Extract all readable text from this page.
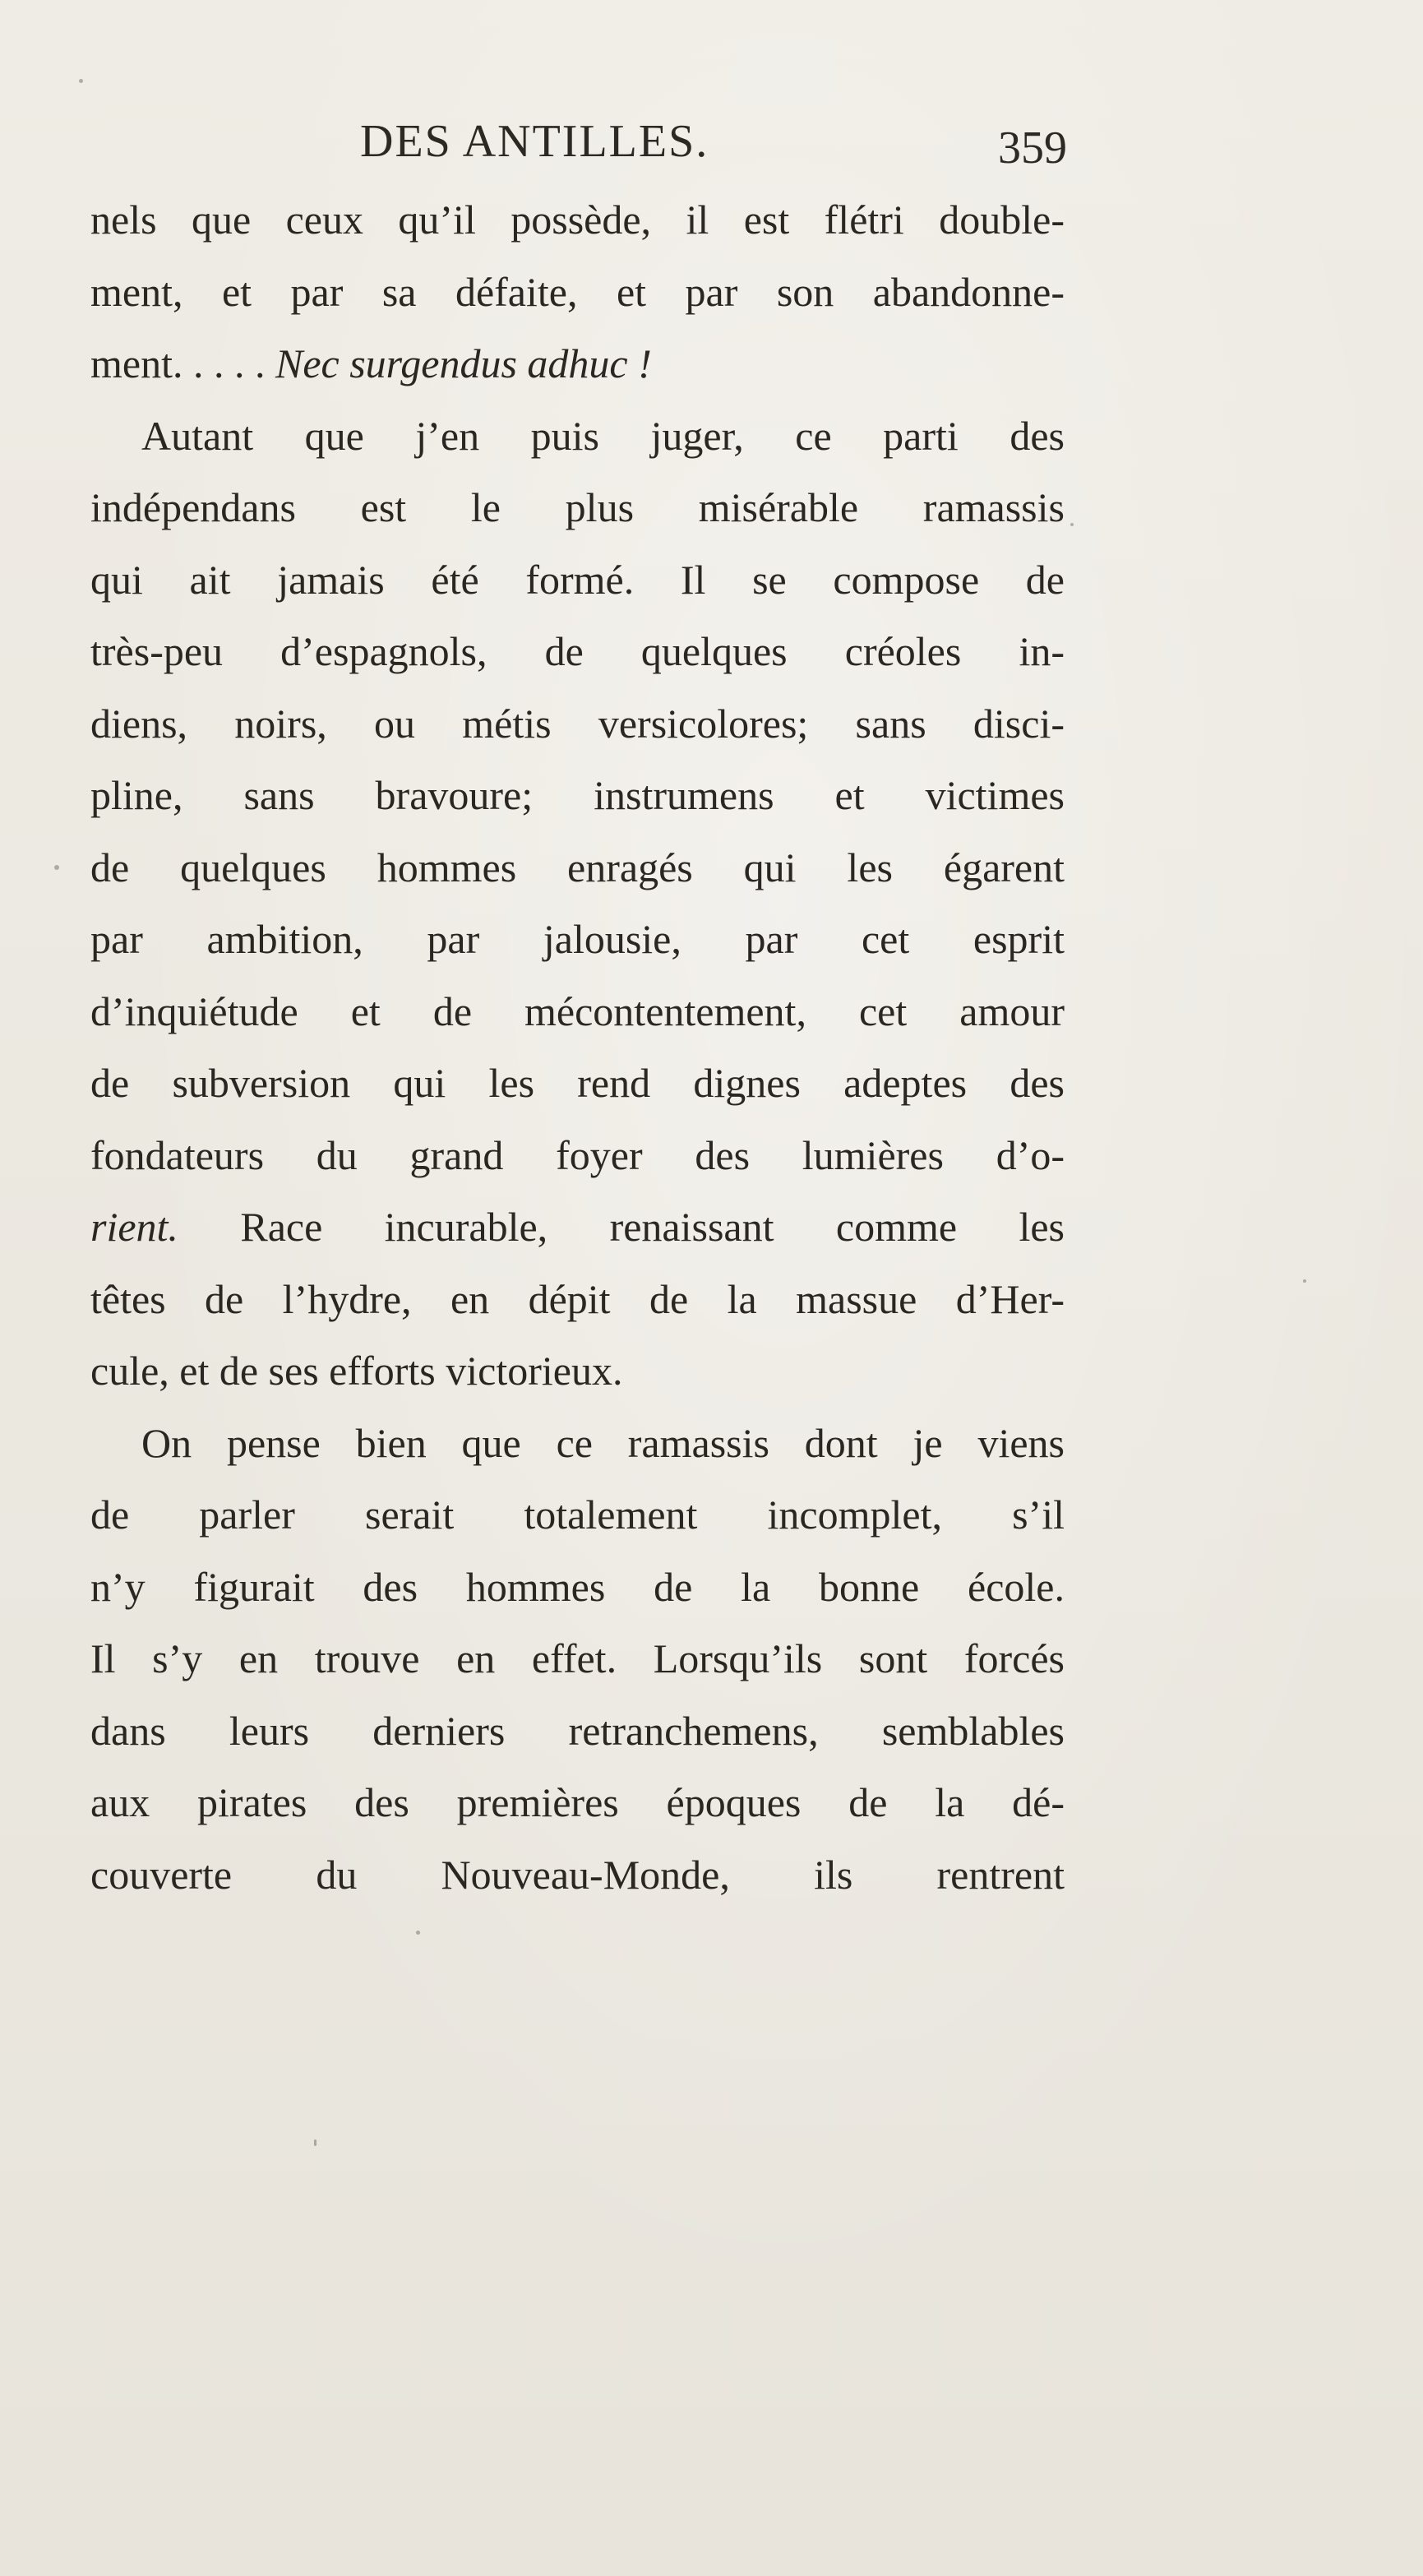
DES ANTILLES.	359
nels que ceux qu’il possède, il est flétri double-
ment, et par sa défaite, et par son abandonne-
ment. . . . . Nec surgendus adhuc !
Autant que j’en puis juger, ce parti des
indépendans est le plus misérable ramassis
qui ait jamais été formé. Il se compose de
très-peu d’espagnols, de quelques créoles in-
diens, noirs, ou métis versicolores; sans disci-
pline, sans bravoure; instrumens et victimes
de quelques hommes enragés qui les égarent
par ambition, par jalousie, par cet esprit
d’inquiétude et de mécontentement, cet amour
de subversion qui les rend dignes adeptes des
fondateurs du grand foyer des lumières d’o-
rient. Race incurable, renaissant comme les
têtes de l’hydre, en dépit de la massue d’Her-
cule, et de ses efforts victorieux.
On pense bien que ce ramassis dont je viens
de parler serait totalement incomplet, s’il
n’y figurait des hommes de la bonne école.
Il s’y en trouve en effet. Lorsqu’ils sont forcés
dans leurs derniers retranchemens, semblables
aux pirates des premières époques de la dé-
couverte du Nouveau-Monde, ils rentrent
